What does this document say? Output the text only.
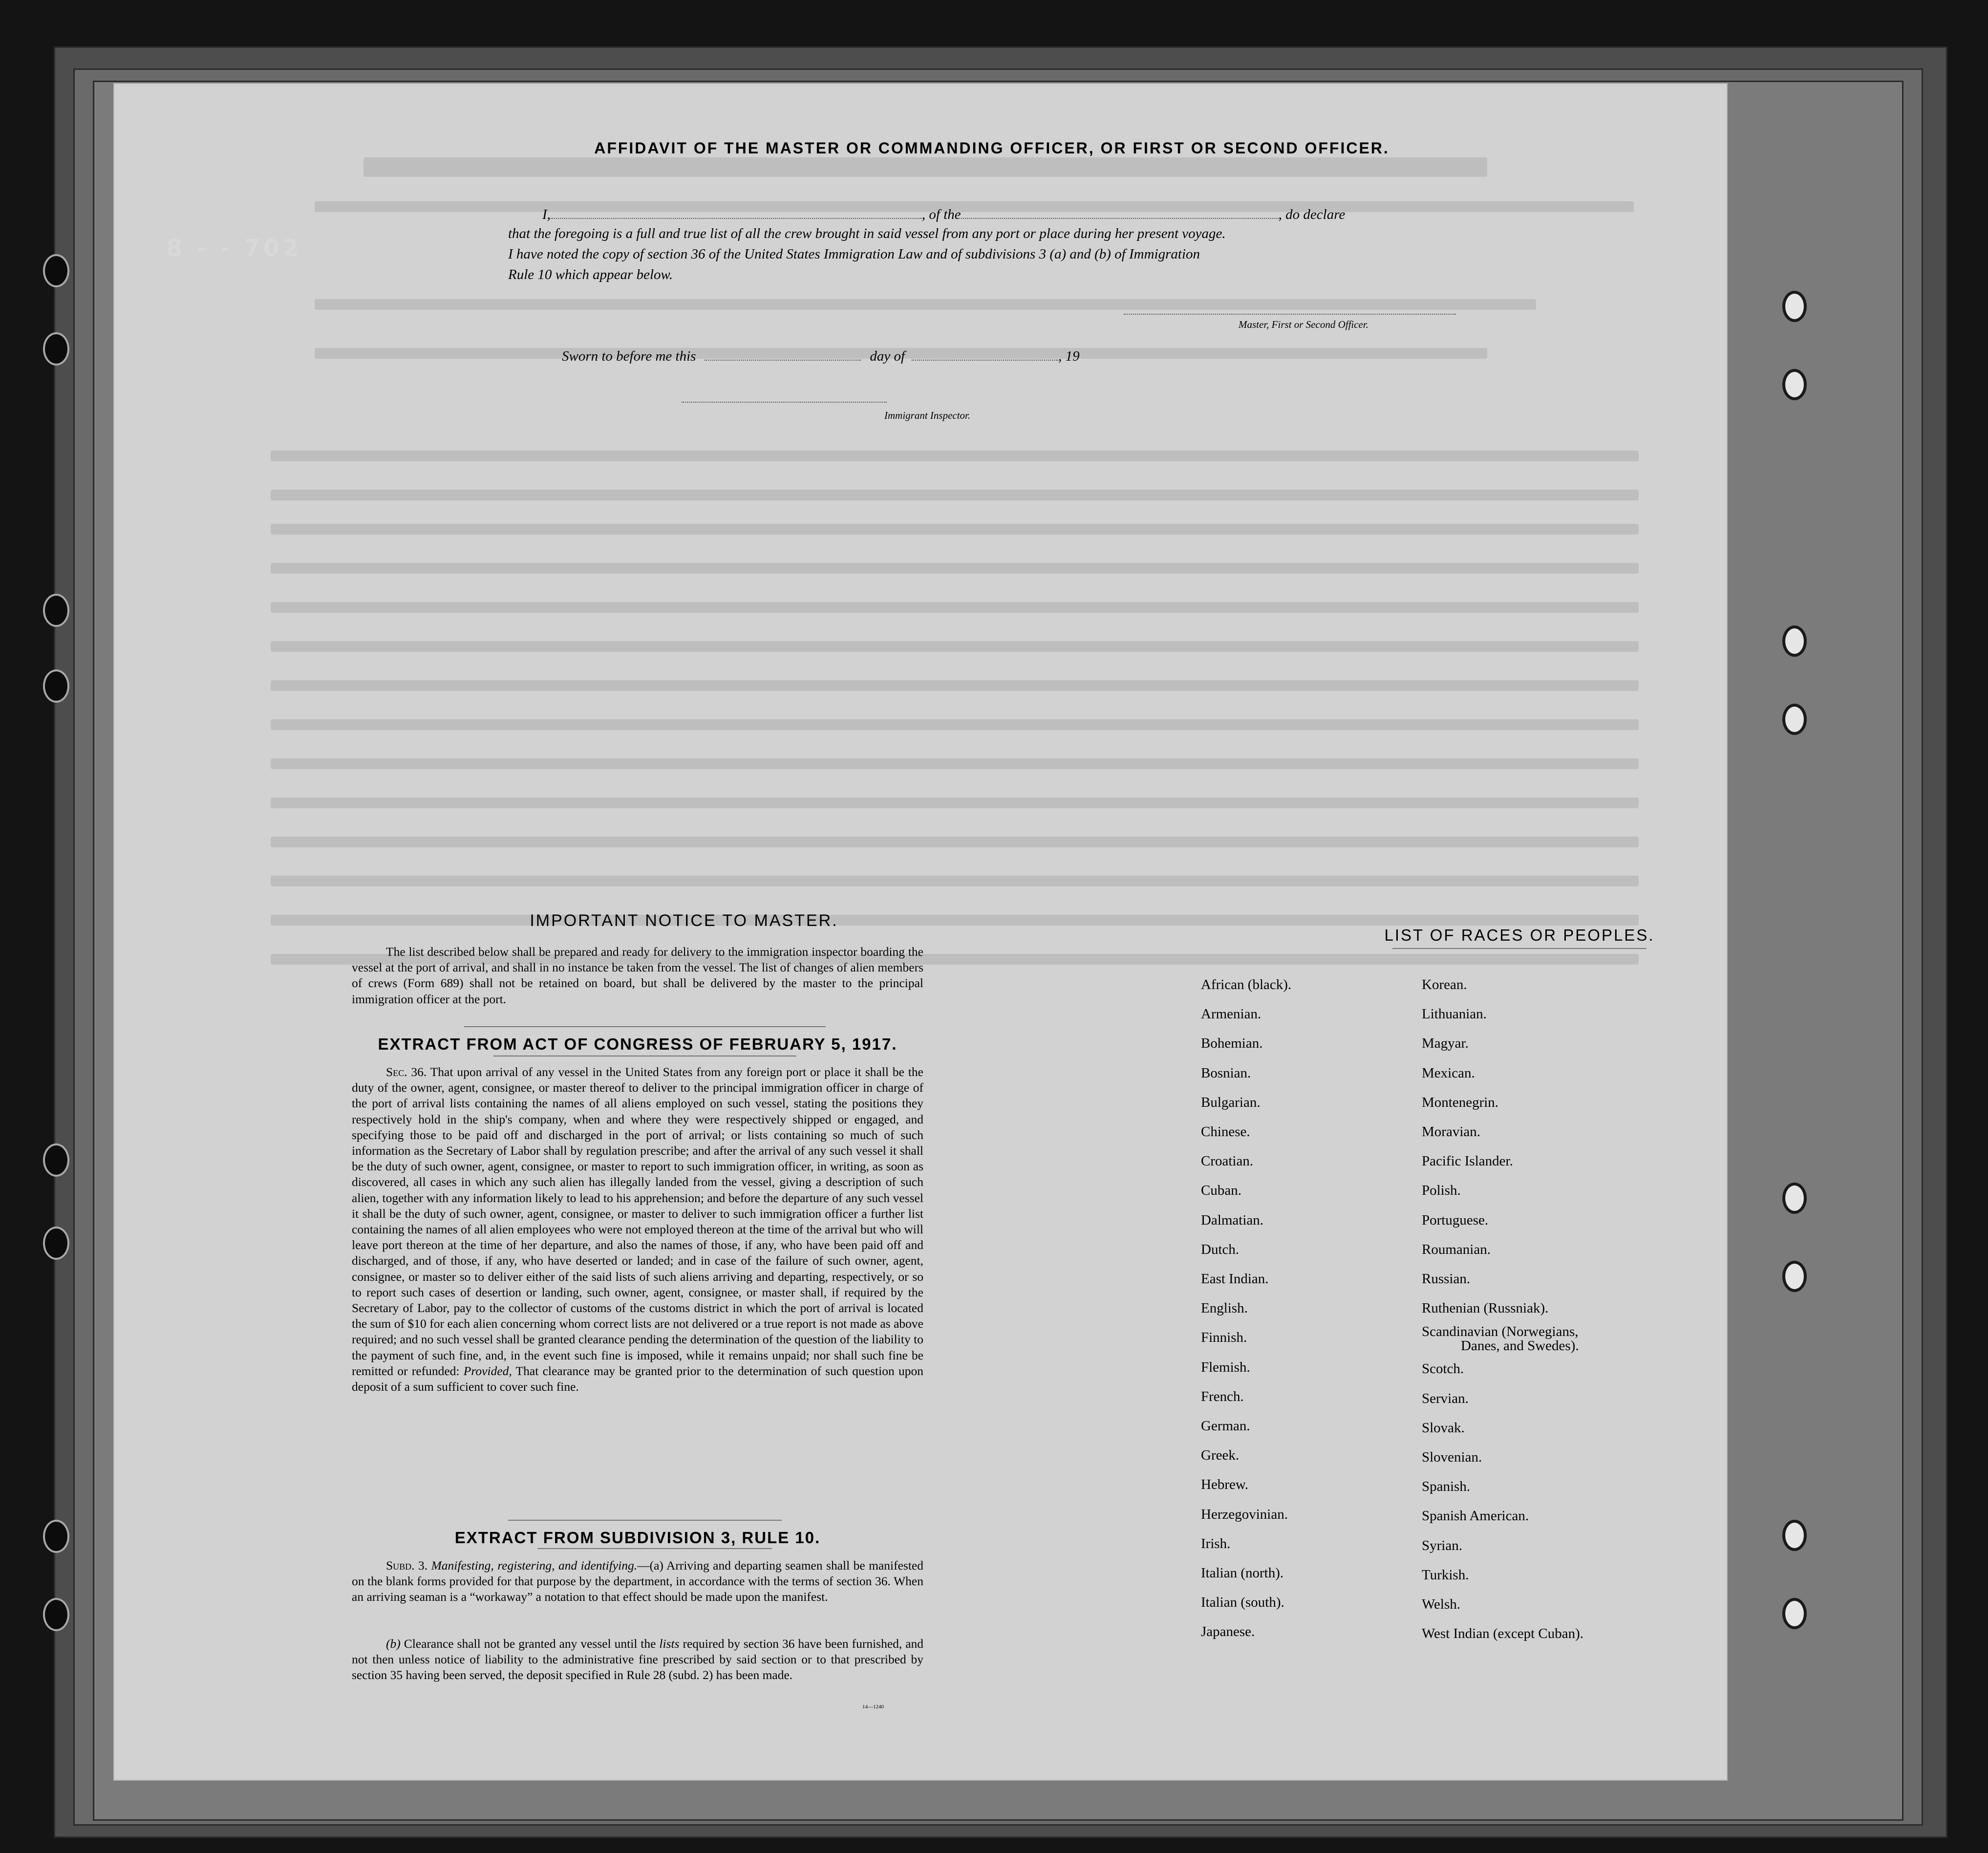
8 - - 702
AFFIDAVIT OF THE MASTER OR COMMANDING OFFICER, OR FIRST OR SECOND OFFICER.
I,	, of the	, do declare
that the foregoing is a full and true list of all the crew brought in said vessel from any port or place during her present voyage.
I have noted the copy of section 36 of the United States Immigration Law and of subdivisions 3 (a) and (b) of Immigration
Rule 10 which appear below.
Master, First or Second Officer.
Sworn to before me this	day of	, 19
Immigrant Inspector.
IMPORTANT NOTICE TO MASTER.
The list described below shall be prepared and ready for delivery to the immigration inspector boarding the vessel at the port of arrival, and shall in no instance be taken from the vessel. The list of changes of alien members of crews (Form 689) shall not be retained on board, but shall be delivered by the master to the principal immigration officer at the port.
EXTRACT FROM ACT OF CONGRESS OF FEBRUARY 5, 1917.
Sec. 36. That upon arrival of any vessel in the United States from any foreign port or place it shall be the duty of the owner, agent, consignee, or master thereof to deliver to the principal immigration officer in charge of the port of arrival lists containing the names of all aliens employed on such vessel, stating the positions they respectively hold in the ship's company, when and where they were respectively shipped or engaged, and specifying those to be paid off and discharged in the port of arrival; or lists containing so much of such information as the Secretary of Labor shall by regulation prescribe; and after the arrival of any such vessel it shall be the duty of such owner, agent, consignee, or master to report to such immigration officer, in writing, as soon as discovered, all cases in which any such alien has illegally landed from the vessel, giving a description of such alien, together with any information likely to lead to his apprehension; and before the departure of any such vessel it shall be the duty of such owner, agent, consignee, or master to deliver to such immigration officer a further list containing the names of all alien employees who were not employed thereon at the time of the arrival but who will leave port thereon at the time of her departure, and also the names of those, if any, who have been paid off and discharged, and of those, if any, who have deserted or landed; and in case of the failure of such owner, agent, consignee, or master so to deliver either of the said lists of such aliens arriving and departing, respectively, or so to report such cases of desertion or landing, such owner, agent, consignee, or master shall, if required by the Secretary of Labor, pay to the collector of customs of the customs district in which the port of arrival is located the sum of $10 for each alien concerning whom correct lists are not delivered or a true report is not made as above required; and no such vessel shall be granted clearance pending the determination of the question of the liability to the payment of such fine, and, in the event such fine is imposed, while it remains unpaid; nor shall such fine be remitted or refunded: Provided, That clearance may be granted prior to the determination of such question upon deposit of a sum sufficient to cover such fine.
EXTRACT FROM SUBDIVISION 3, RULE 10.
Subd. 3. Manifesting, registering, and identifying.—(a) Arriving and departing seamen shall be manifested on the blank forms provided for that purpose by the department, in accordance with the terms of section 36. When an arriving seaman is a “workaway” a notation to that effect should be made upon the manifest.
(b) Clearance shall not be granted any vessel until the lists required by section 36 have been furnished, and not then unless notice of liability to the administrative fine prescribed by said section or to that prescribed by section 35 having been served, the deposit specified in Rule 28 (subd. 2) has been made.
14—1240
LIST OF RACES OR PEOPLES.
African (black).
Armenian.
Bohemian.
Bosnian.
Bulgarian.
Chinese.
Croatian.
Cuban.
Dalmatian.
Dutch.
East Indian.
English.
Finnish.
Flemish.
French.
German.
Greek.
Hebrew.
Herzegovinian.
Irish.
Italian (north).
Italian (south).
Japanese.
Korean.
Lithuanian.
Magyar.
Mexican.
Montenegrin.
Moravian.
Pacific Islander.
Polish.
Portuguese.
Roumanian.
Russian.
Ruthenian (Russniak).
Scandinavian (Norwegians,
Danes, and Swedes).
Scotch.
Servian.
Slovak.
Slovenian.
Spanish.
Spanish American.
Syrian.
Turkish.
Welsh.
West Indian (except Cuban).
